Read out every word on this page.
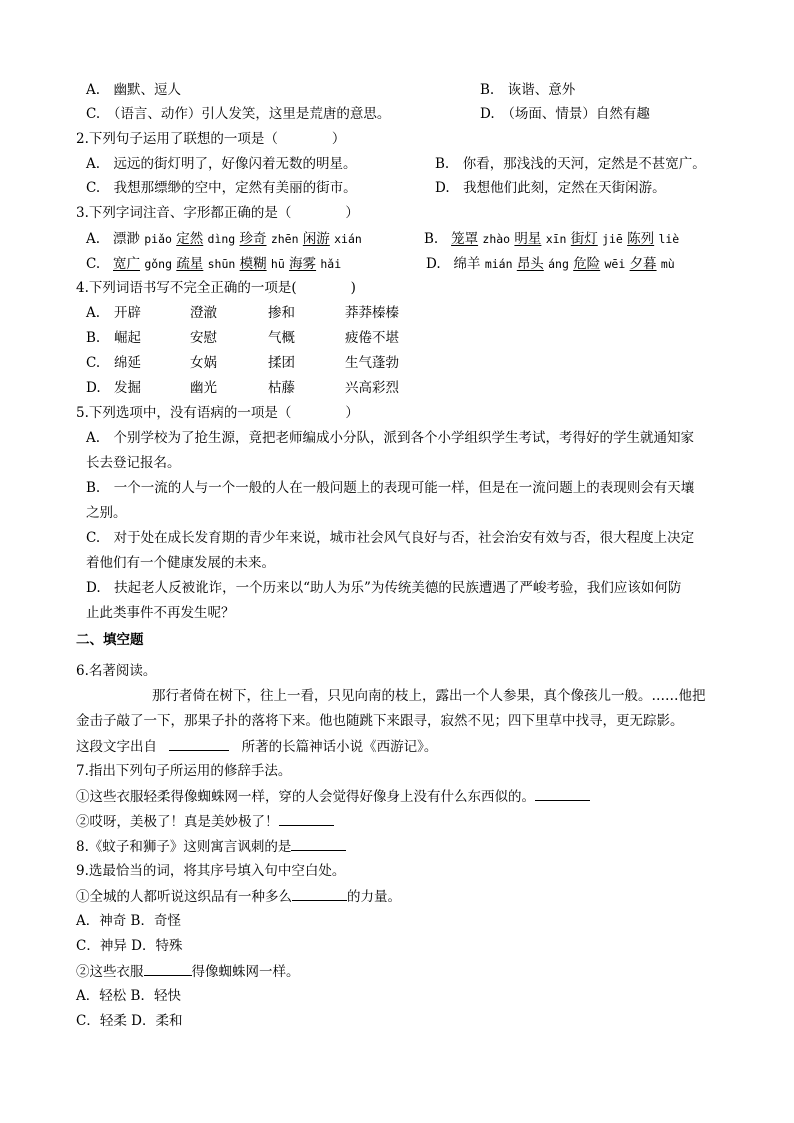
A.　幽默、逗人	B.　诙谐、意外
C.　（语言、动作）引人发笑，这里是荒唐的意思。	D.　（场面、情景）自然有趣
2.下列句子运用了联想的一项是（　　　　）
A.　远远的街灯明了，好像闪着无数的明星。	B.　你看，那浅浅的天河，定然是不甚宽广。
C.　我想那缥缈的空中，定然有美丽的街市。	D.　我想他们此刻，定然在天街闲游。
3.下列字词注音、字形都正确的是（　　　　）
A. 漂渺 piǎo 定然 dìng 珍奇 zhēn 闲游 xián	B. 笼罩 zhào 明星 xīn 街灯 jiē 陈列 liè
C. 宽广 gǒng 疏星 shūn 模糊 hū 海雾 hǎi	D. 绵羊 mián 昂头 áng 危险 wēi 夕暮 mù
4.下列词语书写不完全正确的一项是(　　　　)
A. 开辟	澄澈	掺和	莽莽榛榛
B. 崛起	安慰	气概	疲倦不堪
C. 绵延	女娲	揉团	生气蓬勃
D. 发掘	幽光	枯藤	兴高彩烈
5.下列选项中，没有语病的一项是（　　　　）
A.　个别学校为了抢生源，竟把老师编成小分队，派到各个小学组织学生考试，考得好的学生就通知家
长去登记报名。
B.　一个一流的人与一个一般的人在一般问题上的表现可能一样，但是在一流问题上的表现则会有天壤
之别。
C.　对于处在成长发育期的青少年来说，城市社会风气良好与否，社会治安有效与否，很大程度上决定
着他们有一个健康发展的未来。
D.　扶起老人反被讹诈，一个历来以“助人为乐”为传统美德的民族遭遇了严峻考验，我们应该如何防
止此类事件不再发生呢？
二、填空题
6.名著阅读。
那行者倚在树下，往上一看，只见向南的枝上，露出一个人参果，真个像孩儿一般。……他把
金击子敲了一下，那果子扑的落将下来。他也随跳下来跟寻，寂然不见；四下里草中找寻，更无踪影。
这段文字出自	所著的长篇神话小说《西游记》。
7.指出下列句子所运用的修辞手法。
①这些衣服轻柔得像蜘蛛网一样，穿的人会觉得好像身上没有什么东西似的。
②哎呀，美极了！真是美妙极了！
8.《蚊子和狮子》这则寓言讽刺的是
9.选最恰当的词，将其序号填入句中空白处。
①全城的人都听说这织品有一种多么	的力量。
A．神奇 B．奇怪
C．神异 D．特殊
②这些衣服	得像蜘蛛网一样。
A．轻松 B．轻快
C．轻柔 D．柔和
